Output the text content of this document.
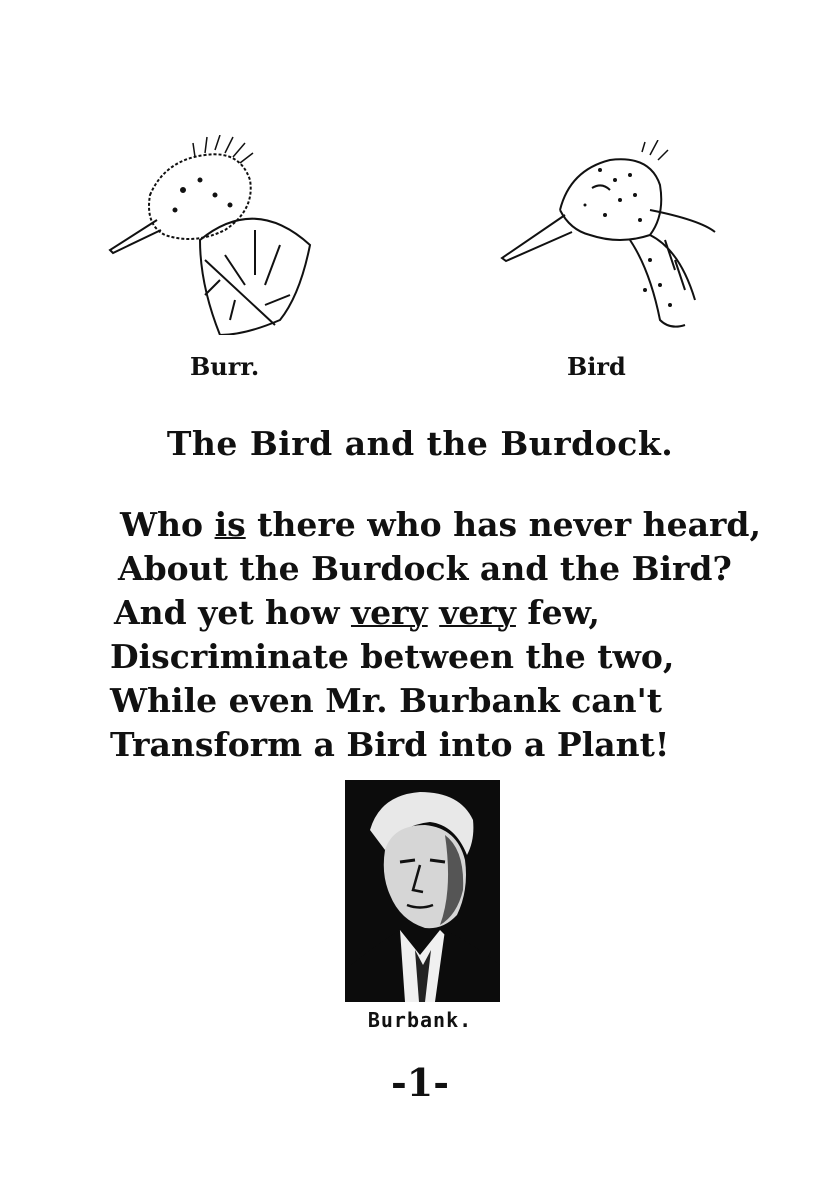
Burr.	Bird
The Bird and the Burdock.
Who is there who has never heard,
About the Burdock and the Bird?
And yet how very very few,
Discriminate between the two,
While even Mr. Burbank can't
Transform a Bird into a Plant!
Burbank.
-1-
